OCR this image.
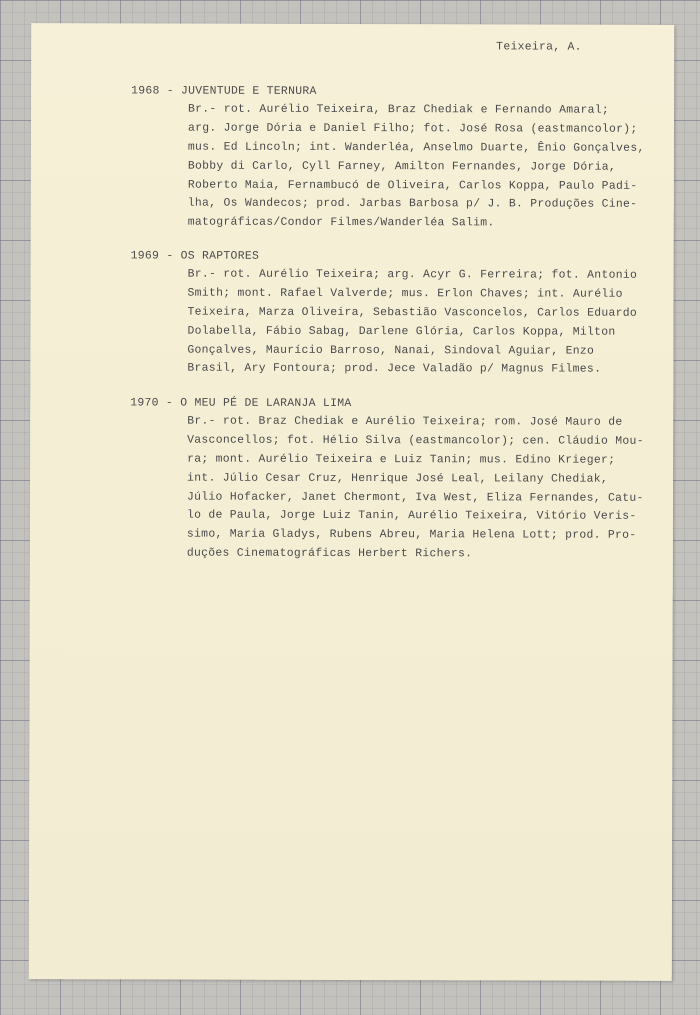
Teixeira, A.
1968 - JUVENTUDE E TERNURA
Br.- rot. Aurélio Teixeira, Braz Chediak e Fernando Amaral;
arg. Jorge Dória e Daniel Filho; fot. José Rosa (eastmancolor);
mus. Ed Lincoln; int. Wanderléa, Anselmo Duarte, Ênio Gonçalves,
Bobby di Carlo, Cyll Farney, Amilton Fernandes, Jorge Dória,
Roberto Maia, Fernambucó de Oliveira, Carlos Koppa, Paulo Padi-
lha, Os Wandecos; prod. Jarbas Barbosa p/ J. B. Produções Cine-
matográficas/Condor Filmes/Wanderléa Salim.
1969 - OS RAPTORES
Br.- rot. Aurélio Teixeira; arg. Acyr G. Ferreira; fot. Antonio
Smith; mont. Rafael Valverde; mus. Erlon Chaves; int. Aurélio
Teixeira, Marza Oliveira, Sebastião Vasconcelos, Carlos Eduardo
Dolabella, Fábio Sabag, Darlene Glória, Carlos Koppa, Milton
Gonçalves, Maurício Barroso, Nanai, Sindoval Aguiar, Enzo
Brasil, Ary Fontoura; prod. Jece Valadão p/ Magnus Filmes.
1970 - O MEU PÉ DE LARANJA LIMA
Br.- rot. Braz Chediak e Aurélio Teixeira; rom. José Mauro de
Vasconcellos; fot. Hélio Silva (eastmancolor); cen. Cláudio Mou-
ra; mont. Aurélio Teixeira e Luiz Tanin; mus. Edino Krieger;
int. Júlio Cesar Cruz, Henrique José Leal, Leilany Chediak,
Júlio Hofacker, Janet Chermont, Iva West, Eliza Fernandes, Catu-
lo de Paula, Jorge Luiz Tanin, Aurélio Teixeira, Vitório Veris-
simo, Maria Gladys, Rubens Abreu, Maria Helena Lott; prod. Pro-
duções Cinematográficas Herbert Richers.
